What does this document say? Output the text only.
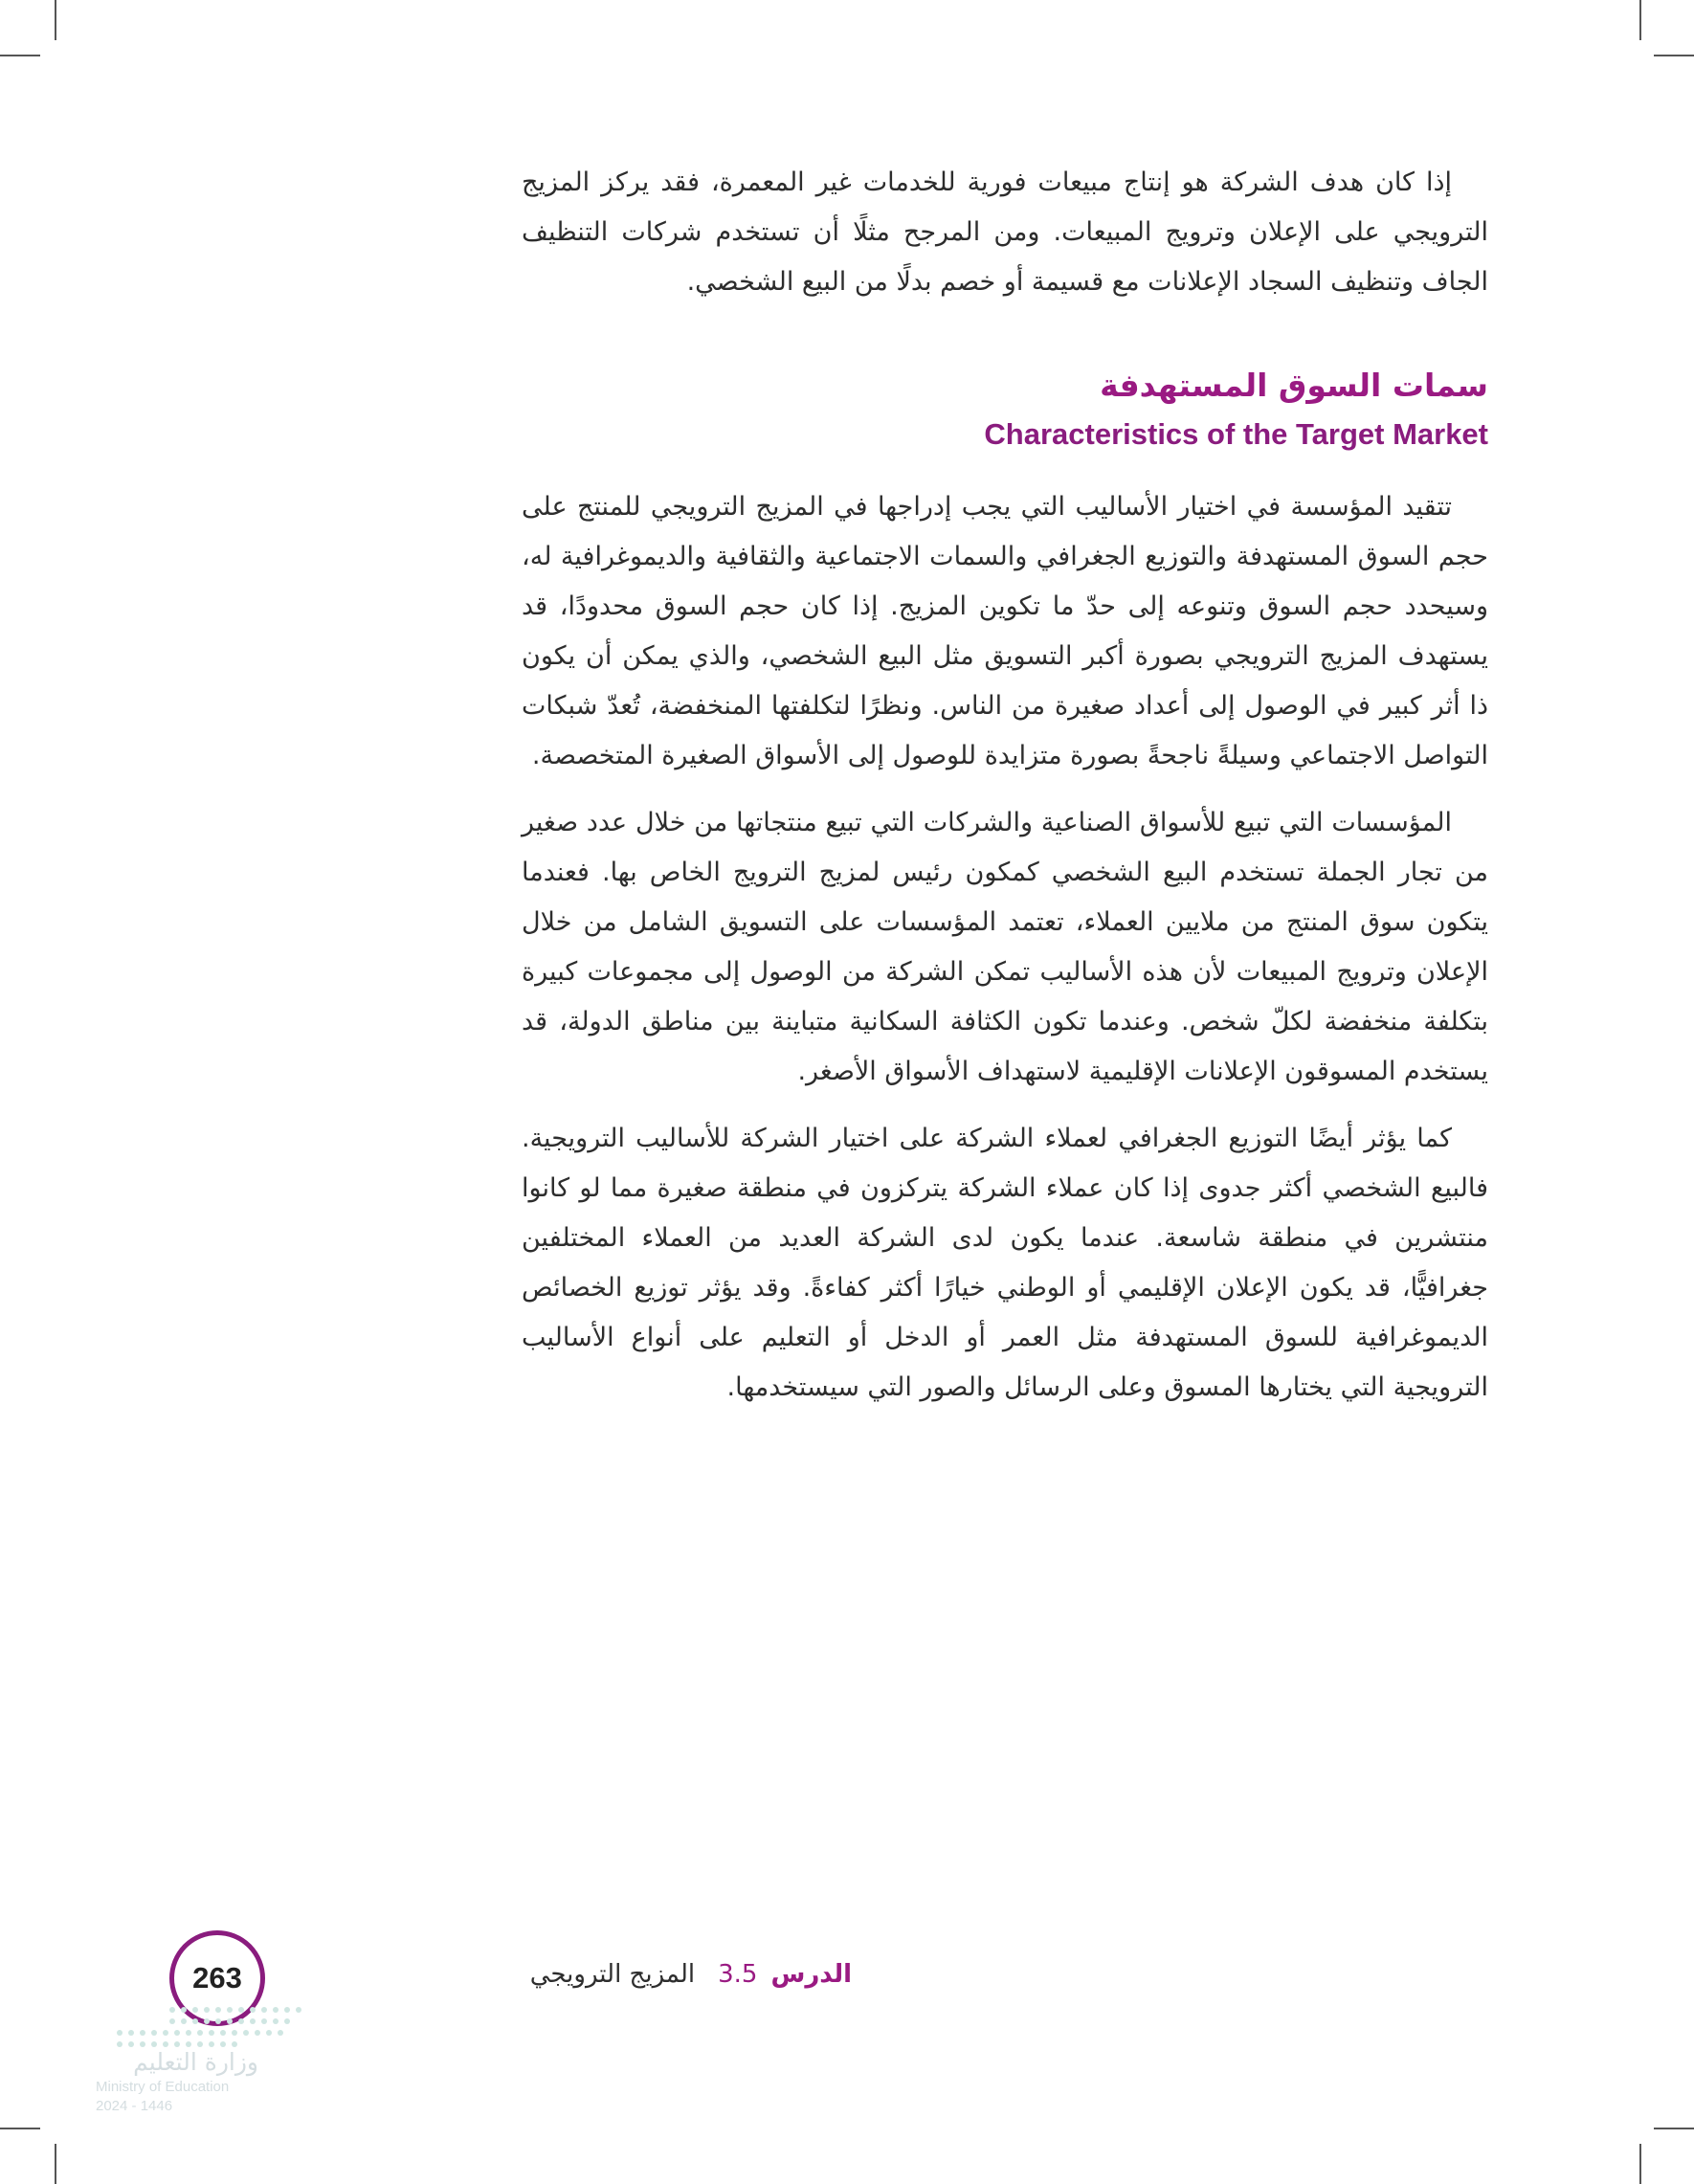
إذا كان هدف الشركة هو إنتاج مبيعات فورية للخدمات غير المعمرة، فقد يركز المزيج الترويجي على الإعلان وترويج المبيعات. ومن المرجح مثلًا أن تستخدم شركات التنظيف الجاف وتنظيف السجاد الإعلانات مع قسيمة أو خصم بدلًا من البيع الشخصي.

سمات السوق المستهدفة
Characteristics of the Target Market

تتقيد المؤسسة في اختيار الأساليب التي يجب إدراجها في المزيج الترويجي للمنتج على حجم السوق المستهدفة والتوزيع الجغرافي والسمات الاجتماعية والثقافية والديموغرافية له، وسيحدد حجم السوق وتنوعه إلى حدّ ما تكوين المزيج. إذا كان حجم السوق محدودًا، قد يستهدف المزيج الترويجي بصورة أكبر التسويق مثل البيع الشخصي، والذي يمكن أن يكون ذا أثر كبير في الوصول إلى أعداد صغيرة من الناس. ونظرًا لتكلفتها المنخفضة، تُعدّ شبكات التواصل الاجتماعي وسيلةً ناجحةً بصورة متزايدة للوصول إلى الأسواق الصغيرة المتخصصة.

المؤسسات التي تبيع للأسواق الصناعية والشركات التي تبيع منتجاتها من خلال عدد صغير من تجار الجملة تستخدم البيع الشخصي كمكون رئيس لمزيج الترويج الخاص بها. فعندما يتكون سوق المنتج من ملايين العملاء، تعتمد المؤسسات على التسويق الشامل من خلال الإعلان وترويج المبيعات لأن هذه الأساليب تمكن الشركة من الوصول إلى مجموعات كبيرة بتكلفة منخفضة لكلّ شخص. وعندما تكون الكثافة السكانية متباينة بين مناطق الدولة، قد يستخدم المسوقون الإعلانات الإقليمية لاستهداف الأسواق الأصغر.

كما يؤثر أيضًا التوزيع الجغرافي لعملاء الشركة على اختيار الشركة للأساليب الترويجية. فالبيع الشخصي أكثر جدوى إذا كان عملاء الشركة يتركزون في منطقة صغيرة مما لو كانوا منتشرين في منطقة شاسعة. عندما يكون لدى الشركة العديد من العملاء المختلفين جغرافيًّا، قد يكون الإعلان الإقليمي أو الوطني خيارًا أكثر كفاءةً. وقد يؤثر توزيع الخصائص الديموغرافية للسوق المستهدفة مثل العمر أو الدخل أو التعليم على أنواع الأساليب الترويجية التي يختارها المسوق وعلى الرسائل والصور التي سيستخدمها.

الدرس3.5المزيج الترويجي
263
وزارة التعليم
Ministry of Education
2024 - 1446
